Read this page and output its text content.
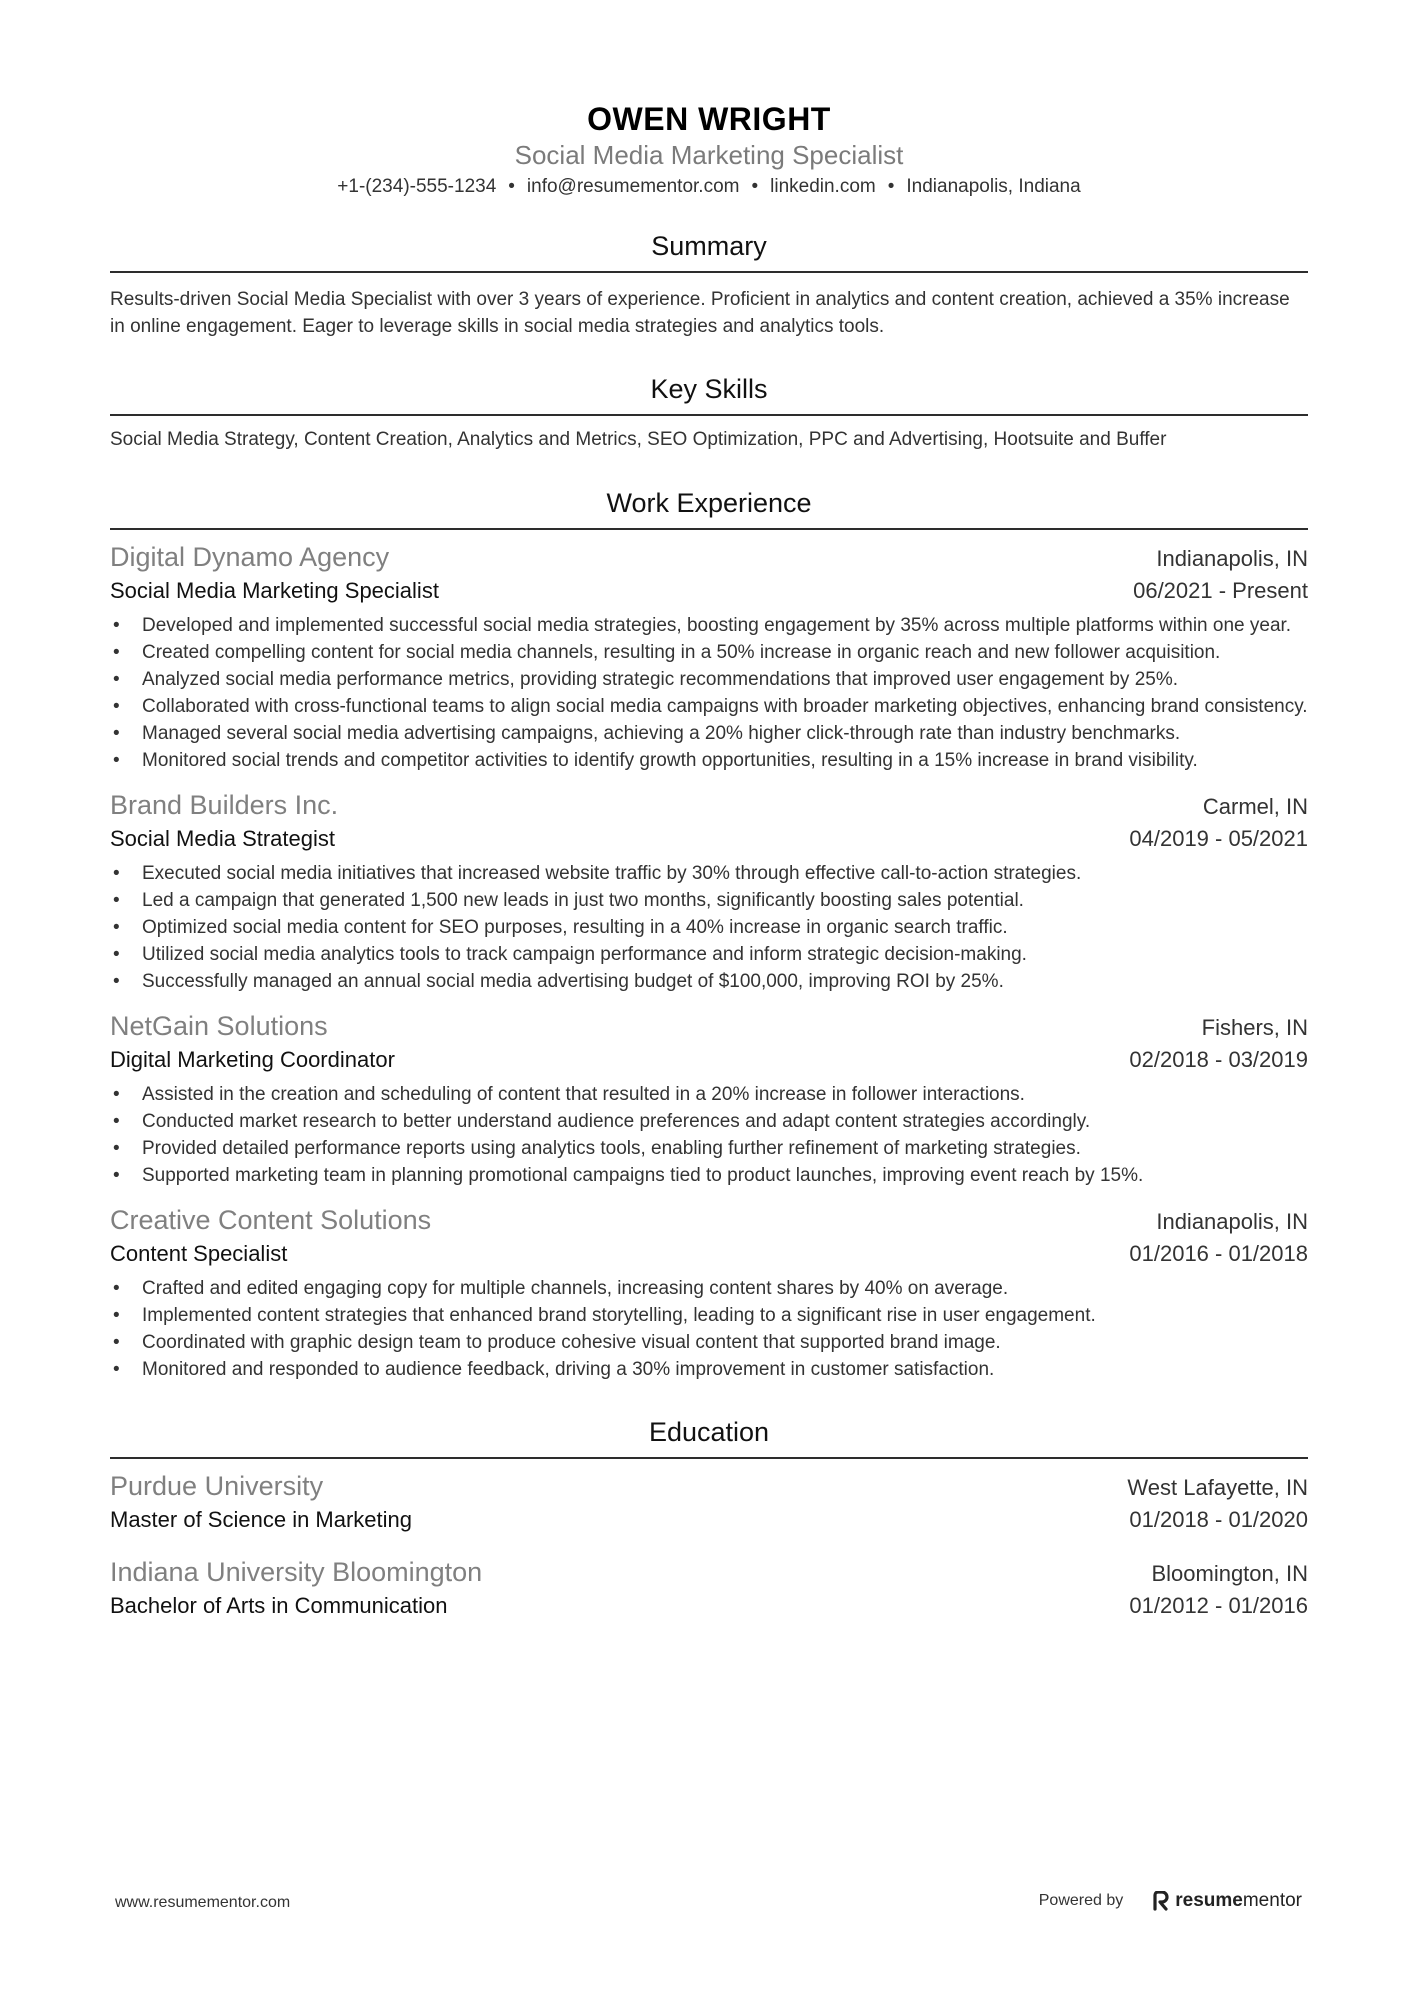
OWEN WRIGHT
Social Media Marketing Specialist
+1-(234)-555-1234 • info@resumementor.com • linkedin.com • Indianapolis, Indiana
Summary
Results-driven Social Media Specialist with over 3 years of experience. Proficient in analytics and content creation, achieved a 35% increase in online engagement. Eager to leverage skills in social media strategies and analytics tools.
Key Skills
Social Media Strategy, Content Creation, Analytics and Metrics, SEO Optimization, PPC and Advertising, Hootsuite and Buffer
Work Experience
Digital Dynamo Agency	Indianapolis, IN
Social Media Marketing Specialist	06/2021 - Present
• Developed and implemented successful social media strategies, boosting engagement by 35% across multiple platforms within one year.
• Created compelling content for social media channels, resulting in a 50% increase in organic reach and new follower acquisition.
• Analyzed social media performance metrics, providing strategic recommendations that improved user engagement by 25%.
• Collaborated with cross-functional teams to align social media campaigns with broader marketing objectives, enhancing brand consistency.
• Managed several social media advertising campaigns, achieving a 20% higher click-through rate than industry benchmarks.
• Monitored social trends and competitor activities to identify growth opportunities, resulting in a 15% increase in brand visibility.
Brand Builders Inc.	Carmel, IN
Social Media Strategist	04/2019 - 05/2021
• Executed social media initiatives that increased website traffic by 30% through effective call-to-action strategies.
• Led a campaign that generated 1,500 new leads in just two months, significantly boosting sales potential.
• Optimized social media content for SEO purposes, resulting in a 40% increase in organic search traffic.
• Utilized social media analytics tools to track campaign performance and inform strategic decision-making.
• Successfully managed an annual social media advertising budget of $100,000, improving ROI by 25%.
NetGain Solutions	Fishers, IN
Digital Marketing Coordinator	02/2018 - 03/2019
• Assisted in the creation and scheduling of content that resulted in a 20% increase in follower interactions.
• Conducted market research to better understand audience preferences and adapt content strategies accordingly.
• Provided detailed performance reports using analytics tools, enabling further refinement of marketing strategies.
• Supported marketing team in planning promotional campaigns tied to product launches, improving event reach by 15%.
Creative Content Solutions	Indianapolis, IN
Content Specialist	01/2016 - 01/2018
• Crafted and edited engaging copy for multiple channels, increasing content shares by 40% on average.
• Implemented content strategies that enhanced brand storytelling, leading to a significant rise in user engagement.
• Coordinated with graphic design team to produce cohesive visual content that supported brand image.
• Monitored and responded to audience feedback, driving a 30% improvement in customer satisfaction.
Education
Purdue University	West Lafayette, IN
Master of Science in Marketing	01/2018 - 01/2020
Indiana University Bloomington	Bloomington, IN
Bachelor of Arts in Communication	01/2012 - 01/2016
www.resumementor.com	Powered by	resumementor
